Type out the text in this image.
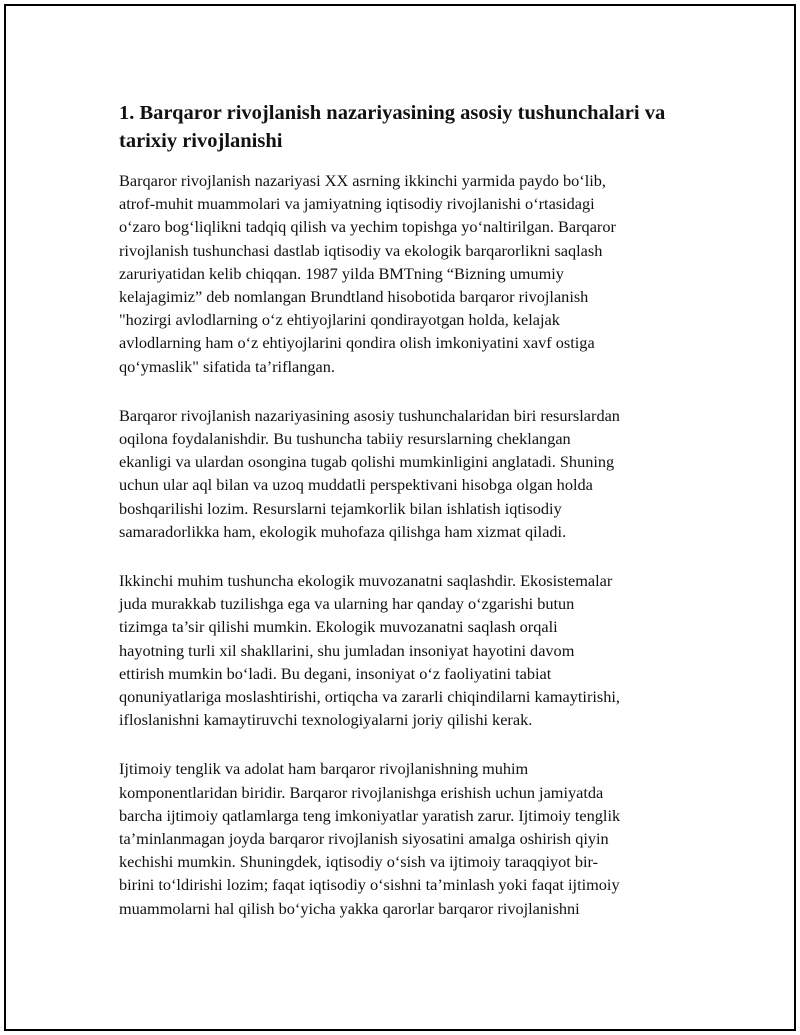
1. Barqaror rivojlanish nazariyasining asosiy tushunchalari va
tarixiy rivojlanishi

Barqaror rivojlanish nazariyasi XX asrning ikkinchi yarmida paydo bo‘lib,
atrof-muhit muammolari va jamiyatning iqtisodiy rivojlanishi o‘rtasidagi
o‘zaro bog‘liqlikni tadqiq qilish va yechim topishga yo‘naltirilgan. Barqaror
rivojlanish tushunchasi dastlab iqtisodiy va ekologik barqarorlikni saqlash
zaruriyatidan kelib chiqqan. 1987 yilda BMTning “Bizning umumiy
kelajagimiz” deb nomlangan Brundtland hisobotida barqaror rivojlanish
"hozirgi avlodlarning o‘z ehtiyojlarini qondirayotgan holda, kelajak
avlodlarning ham o‘z ehtiyojlarini qondira olish imkoniyatini xavf ostiga
qo‘ymaslik" sifatida ta’riflangan.

Barqaror rivojlanish nazariyasining asosiy tushunchalaridan biri resurslardan
oqilona foydalanishdir. Bu tushuncha tabiiy resurslarning cheklangan
ekanligi va ulardan osongina tugab qolishi mumkinligini anglatadi. Shuning
uchun ular aql bilan va uzoq muddatli perspektivani hisobga olgan holda
boshqarilishi lozim. Resurslarni tejamkorlik bilan ishlatish iqtisodiy
samaradorlikka ham, ekologik muhofaza qilishga ham xizmat qiladi.

Ikkinchi muhim tushuncha ekologik muvozanatni saqlashdir. Ekosistemalar
juda murakkab tuzilishga ega va ularning har qanday o‘zgarishi butun
tizimga ta’sir qilishi mumkin. Ekologik muvozanatni saqlash orqali
hayotning turli xil shakllarini, shu jumladan insoniyat hayotini davom
ettirish mumkin bo‘ladi. Bu degani, insoniyat o‘z faoliyatini tabiat
qonuniyatlariga moslashtirishi, ortiqcha va zararli chiqindilarni kamaytirishi,
ifloslanishni kamaytiruvchi texnologiyalarni joriy qilishi kerak.

Ijtimoiy tenglik va adolat ham barqaror rivojlanishning muhim
komponentlaridan biridir. Barqaror rivojlanishga erishish uchun jamiyatda
barcha ijtimoiy qatlamlarga teng imkoniyatlar yaratish zarur. Ijtimoiy tenglik
ta’minlanmagan joyda barqaror rivojlanish siyosatini amalga oshirish qiyin
kechishi mumkin. Shuningdek, iqtisodiy o‘sish va ijtimoiy taraqqiyot bir-
birini to‘ldirishi lozim; faqat iqtisodiy o‘sishni ta’minlash yoki faqat ijtimoiy
muammolarni hal qilish bo‘yicha yakka qarorlar barqaror rivojlanishni
